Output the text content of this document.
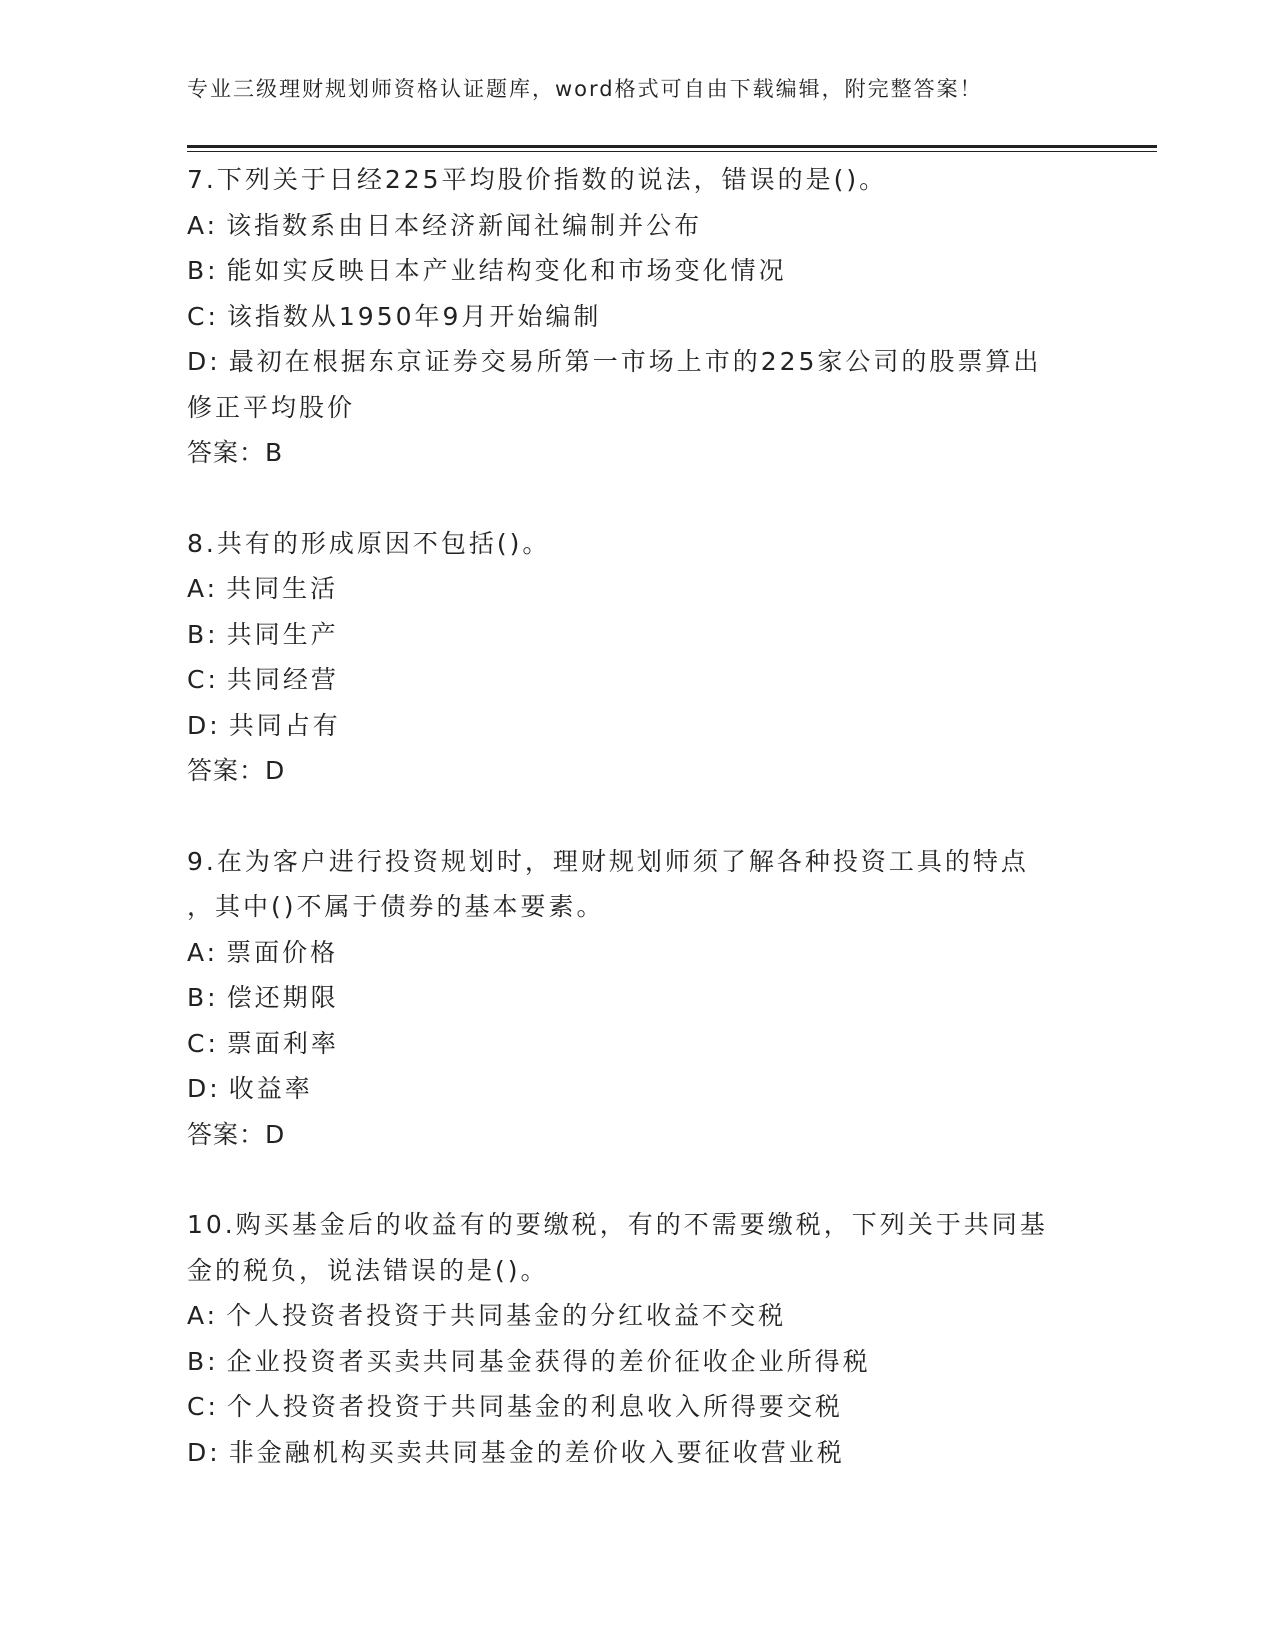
专业三级理财规划师资格认证题库，word格式可自由下载编辑，附完整答案！
7.下列关于日经225平均股价指数的说法，错误的是()。
A: 该指数系由日本经济新闻社编制并公布
B: 能如实反映日本产业结构变化和市场变化情况
C: 该指数从1950年9月开始编制
D: 最初在根据东京证券交易所第一市场上市的225家公司的股票算出
修正平均股价
答案：B
8.共有的形成原因不包括()。
A: 共同生活
B: 共同生产
C: 共同经营
D: 共同占有
答案：D
9.在为客户进行投资规划时，理财规划师须了解各种投资工具的特点
，其中()不属于债券的基本要素。
A: 票面价格
B: 偿还期限
C: 票面利率
D: 收益率
答案：D
10.购买基金后的收益有的要缴税，有的不需要缴税，下列关于共同基
金的税负，说法错误的是()。
A: 个人投资者投资于共同基金的分红收益不交税
B: 企业投资者买卖共同基金获得的差价征收企业所得税
C: 个人投资者投资于共同基金的利息收入所得要交税
D: 非金融机构买卖共同基金的差价收入要征收营业税
